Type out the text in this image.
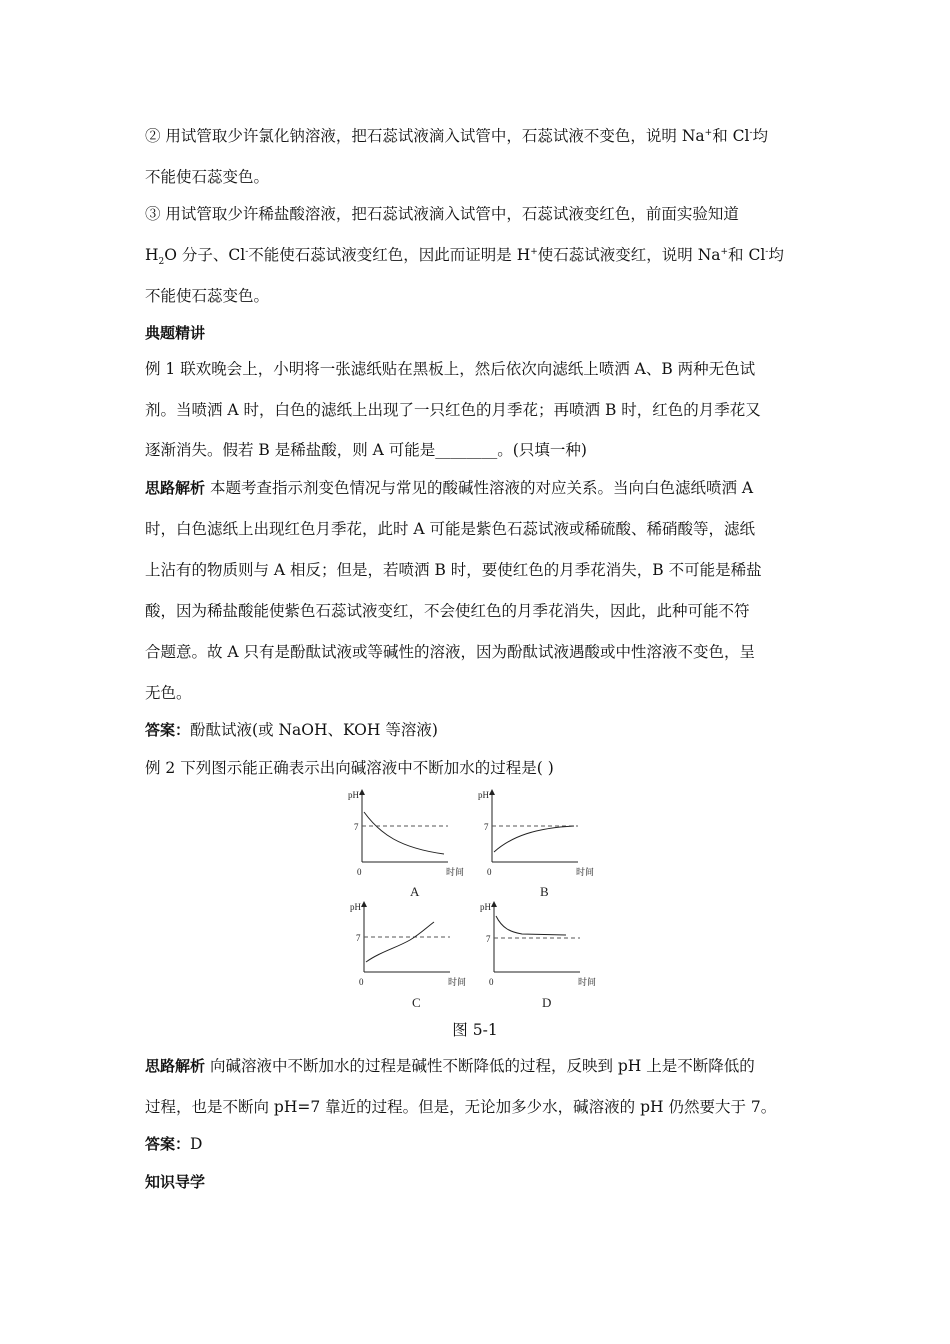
② 用试管取少许氯化钠溶液，把石蕊试液滴入试管中，石蕊试液不变色，说明 Na+和 Cl-均
不能使石蕊变色。
③ 用试管取少许稀盐酸溶液，把石蕊试液滴入试管中，石蕊试液变红色，前面实验知道
$H_2O$ 分子、Cl-不能使石蕊试液变红色，因此而证明是 H+使石蕊试液变红，说明 Na+和 Cl-均
不能使石蕊变色。
典题精讲
例 1 联欢晚会上，小明将一张滤纸贴在黑板上，然后依次向滤纸上喷洒 A、B 两种无色试
剂。当喷洒 A 时，白色的滤纸上出现了一只红色的月季花；再喷洒 B 时，红色的月季花又
逐渐消失。假若 B 是稀盐酸，则 A 可能是________。(只填一种)
思路解析 本题考查指示剂变色情况与常见的酸碱性溶液的对应关系。当向白色滤纸喷洒 A
时，白色滤纸上出现红色月季花，此时 A 可能是紫色石蕊试液或稀硫酸、稀硝酸等，滤纸
上沾有的物质则与 A 相反；但是，若喷洒 B 时，要使红色的月季花消失，B 不可能是稀盐
酸，因为稀盐酸能使紫色石蕊试液变红，不会使红色的月季花消失，因此，此种可能不符
合题意。故 A 只有是酚酞试液或等碱性的溶液，因为酚酞试液遇酸或中性溶液不变色，呈
无色。
答案：酚酞试液(或 NaOH、KOH 等溶液)
例 2 下列图示能正确表示出向碱溶液中不断加水的过程是( )
pH
7
0	时间
A
pH
7
0	时间
B
pH
7
0	时间
C
pH
7
0	时间
D
图 5-1
思路解析 向碱溶液中不断加水的过程是碱性不断降低的过程，反映到 pH 上是不断降低的
过程，也是不断向 pH=7 靠近的过程。但是，无论加多少水，碱溶液的 pH 仍然要大于 7。
答案：D
知识导学
